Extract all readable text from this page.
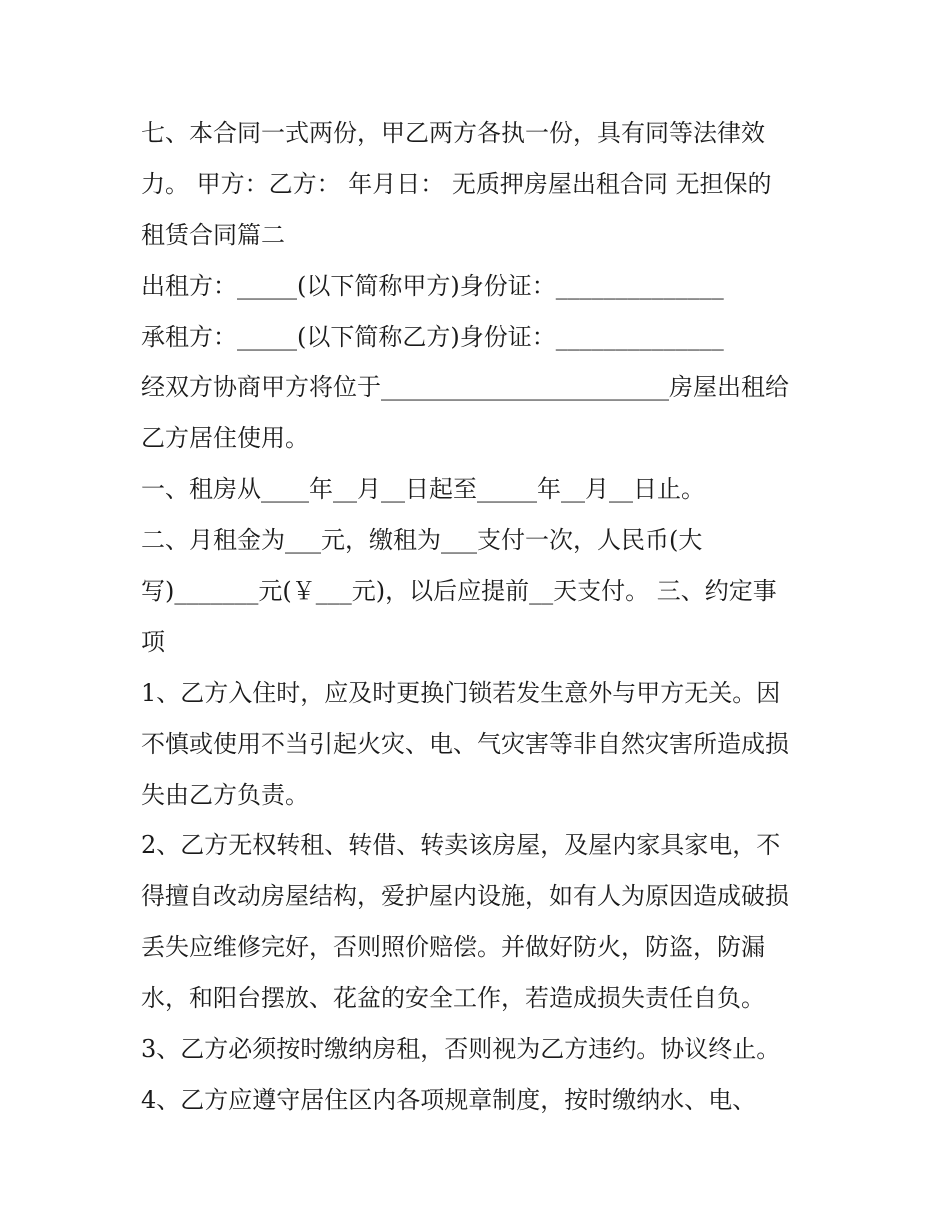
七、本合同一式两份，甲乙两方各执一份，具有同等法律效
力。 甲方：乙方： 年月日： 无质押房屋出租合同 无担保的
租赁合同篇二
出租方：_____(以下简称甲方)身份证：______________
承租方：_____(以下简称乙方)身份证：______________
经双方协商甲方将位于________________________房屋出租给
乙方居住使用。
一、租房从____年__月__日起至_____年__月__日止。
二、月租金为___元，缴租为___支付一次，人民币(大
写)_______元(￥___元)，以后应提前__天支付。 三、约定事
项
1、乙方入住时，应及时更换门锁若发生意外与甲方无关。因
不慎或使用不当引起火灾、电、气灾害等非自然灾害所造成损
失由乙方负责。
2、乙方无权转租、转借、转卖该房屋，及屋内家具家电，不
得擅自改动房屋结构，爱护屋内设施，如有人为原因造成破损
丢失应维修完好，否则照价赔偿。并做好防火，防盗，防漏
水，和阳台摆放、花盆的安全工作，若造成损失责任自负。
3、乙方必须按时缴纳房租，否则视为乙方违约。协议终止。
4、乙方应遵守居住区内各项规章制度，按时缴纳水、电、
